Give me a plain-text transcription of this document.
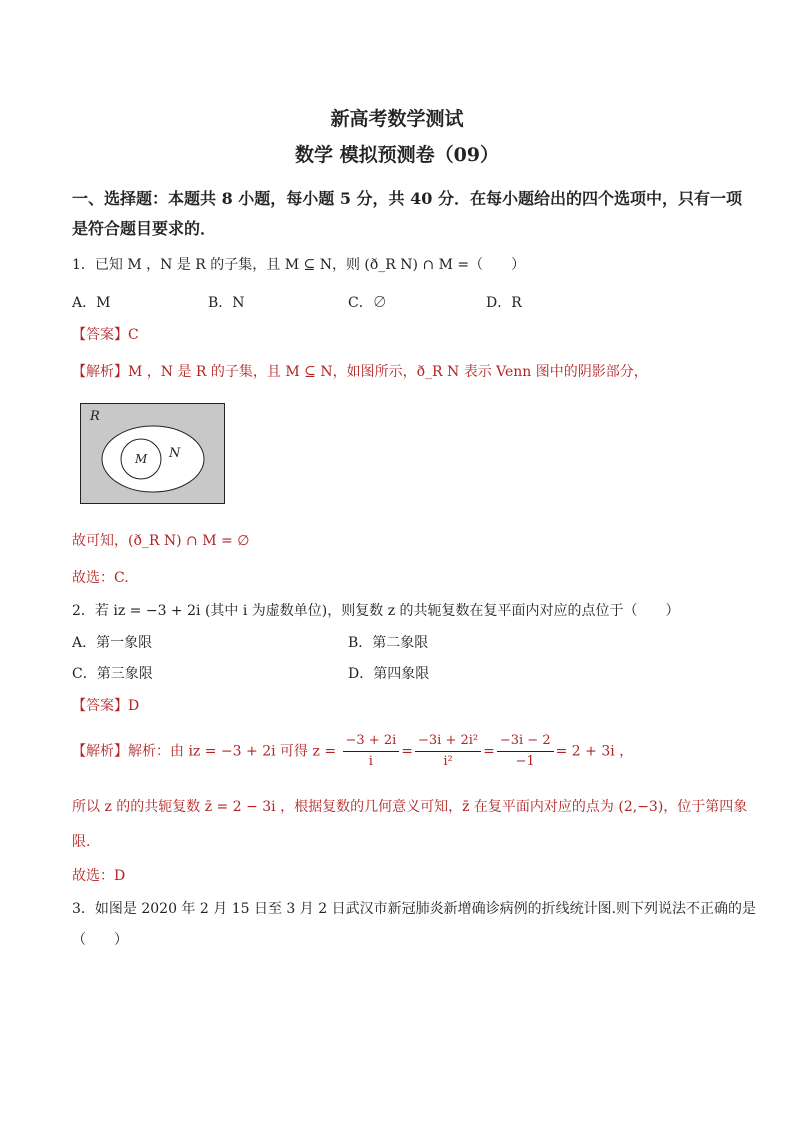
新高考数学测试
数学 模拟预测卷（09）
一、选择题：本题共 8 小题，每小题 5 分，共 40 分．在每小题给出的四个选项中，只有一项
是符合题目要求的．
1．已知 M ，N 是 R 的子集，且 M ⊆ N，则 (ð_R N) ∩ M =（　　）
A．M	B．N	C．∅	D．R
【答案】C
【解析】M ，N 是 R 的子集，且 M ⊆ N，如图所示，ð_R N 表示 Venn 图中的阴影部分，
R
N
M
故可知，(ð_R N) ∩ M = ∅
故选：C.
2．若 iz = −3 + 2i (其中 i 为虚数单位)，则复数 z 的共轭复数在复平面内对应的点位于（　　）
A．第一象限	B．第二象限
C．第三象限	D．第四象限
【答案】D
【解析】解析：由 iz = −3 + 2i 可得 $z = \frac{-3 + 2i}{i} = \frac{\text{−3i + 2i²}}{\text{i²}} = \frac{-3i - 2}{-1} = 2 + 3i$ ，
所以 z 的的共轭复数 z̄ = 2 − 3i ，根据复数的几何意义可知，z̄ 在复平面内对应的点为 (2,−3)，位于第四象
限.
故选：D
3．如图是 2020 年 2 月 15 日至 3 月 2 日武汉市新冠肺炎新增确诊病例的折线统计图.则下列说法不正确的是
（　　）
